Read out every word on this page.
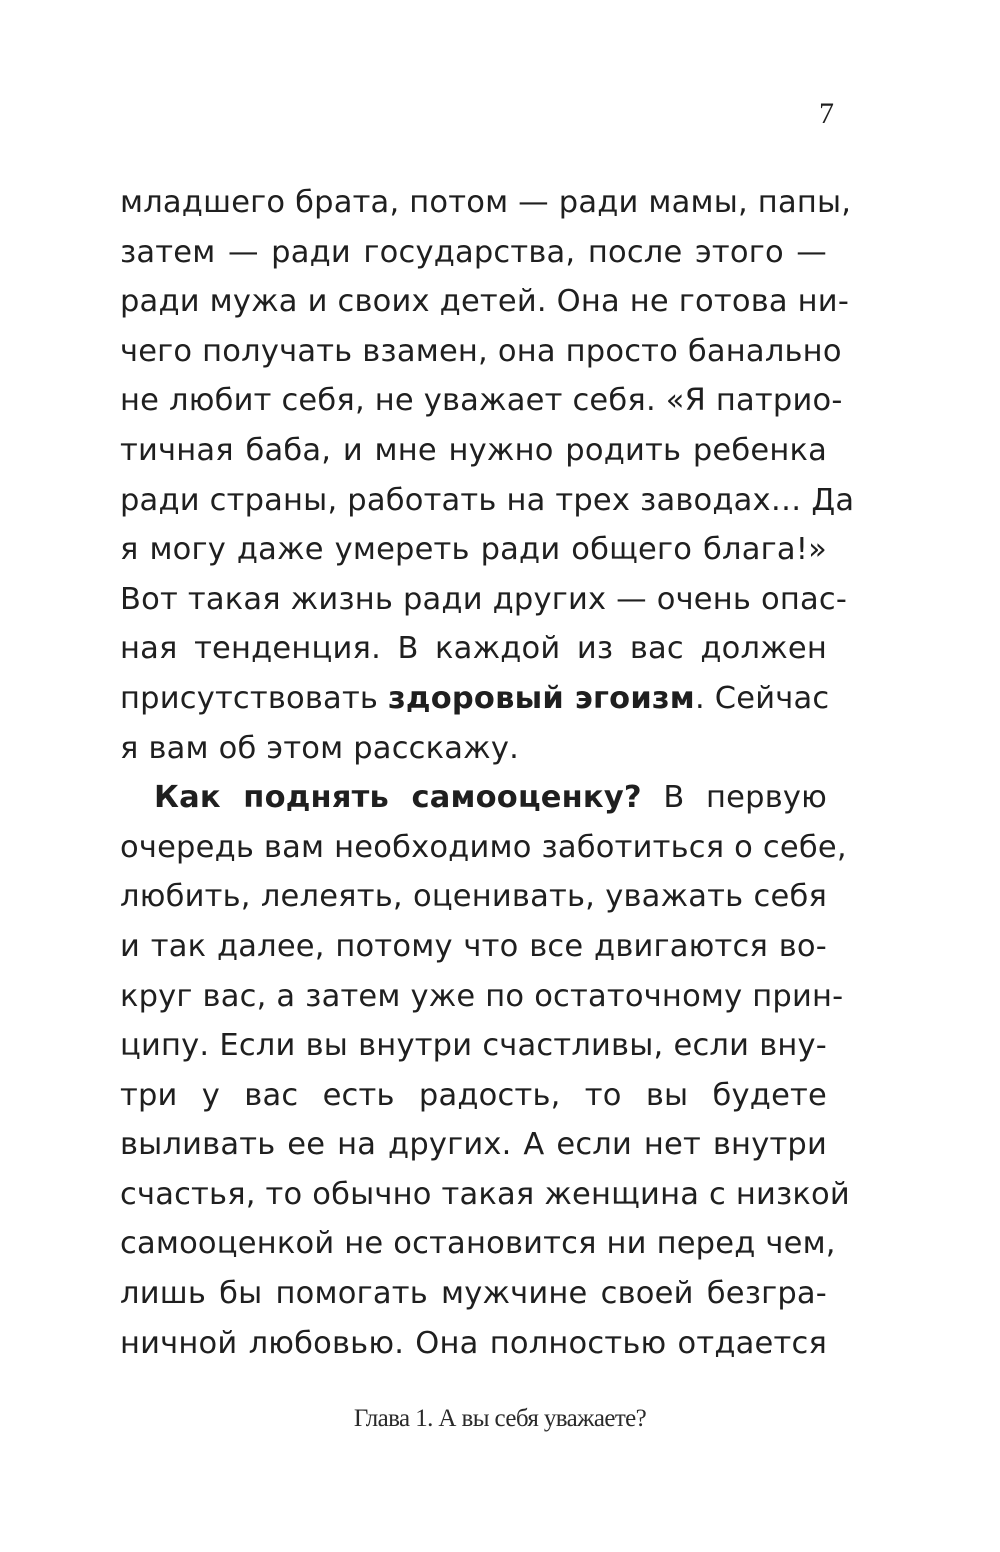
7
младшего брата, потом — ради мамы, папы,
затем — ради государства, после этого —
ради мужа и своих детей. Она не готова ни-
чего получать взамен, она просто банально
не любит себя, не уважает себя. «Я патрио-
тичная баба, и мне нужно родить ребенка
ради страны, работать на трех заводах… Да
я могу даже умереть ради общего блага!»
Вот такая жизнь ради других — очень опас-
ная тенденция. В каждой из вас должен
присутствовать здоровый эгоизм. Сейчас
я вам об этом расскажу.
Как поднять самооценку? В первую
очередь вам необходимо заботиться о себе,
любить, лелеять, оценивать, уважать себя
и так далее, потому что все двигаются во-
круг вас, а затем уже по остаточному прин-
ципу. Если вы внутри счастливы, если вну-
три у вас есть радость, то вы будете
выливать ее на других. А если нет внутри
счастья, то обычно такая женщина с низкой
самооценкой не остановится ни перед чем,
лишь бы помогать мужчине своей безгра-
ничной любовью. Она полностью отдается
Глава 1. А вы себя уважаете?
